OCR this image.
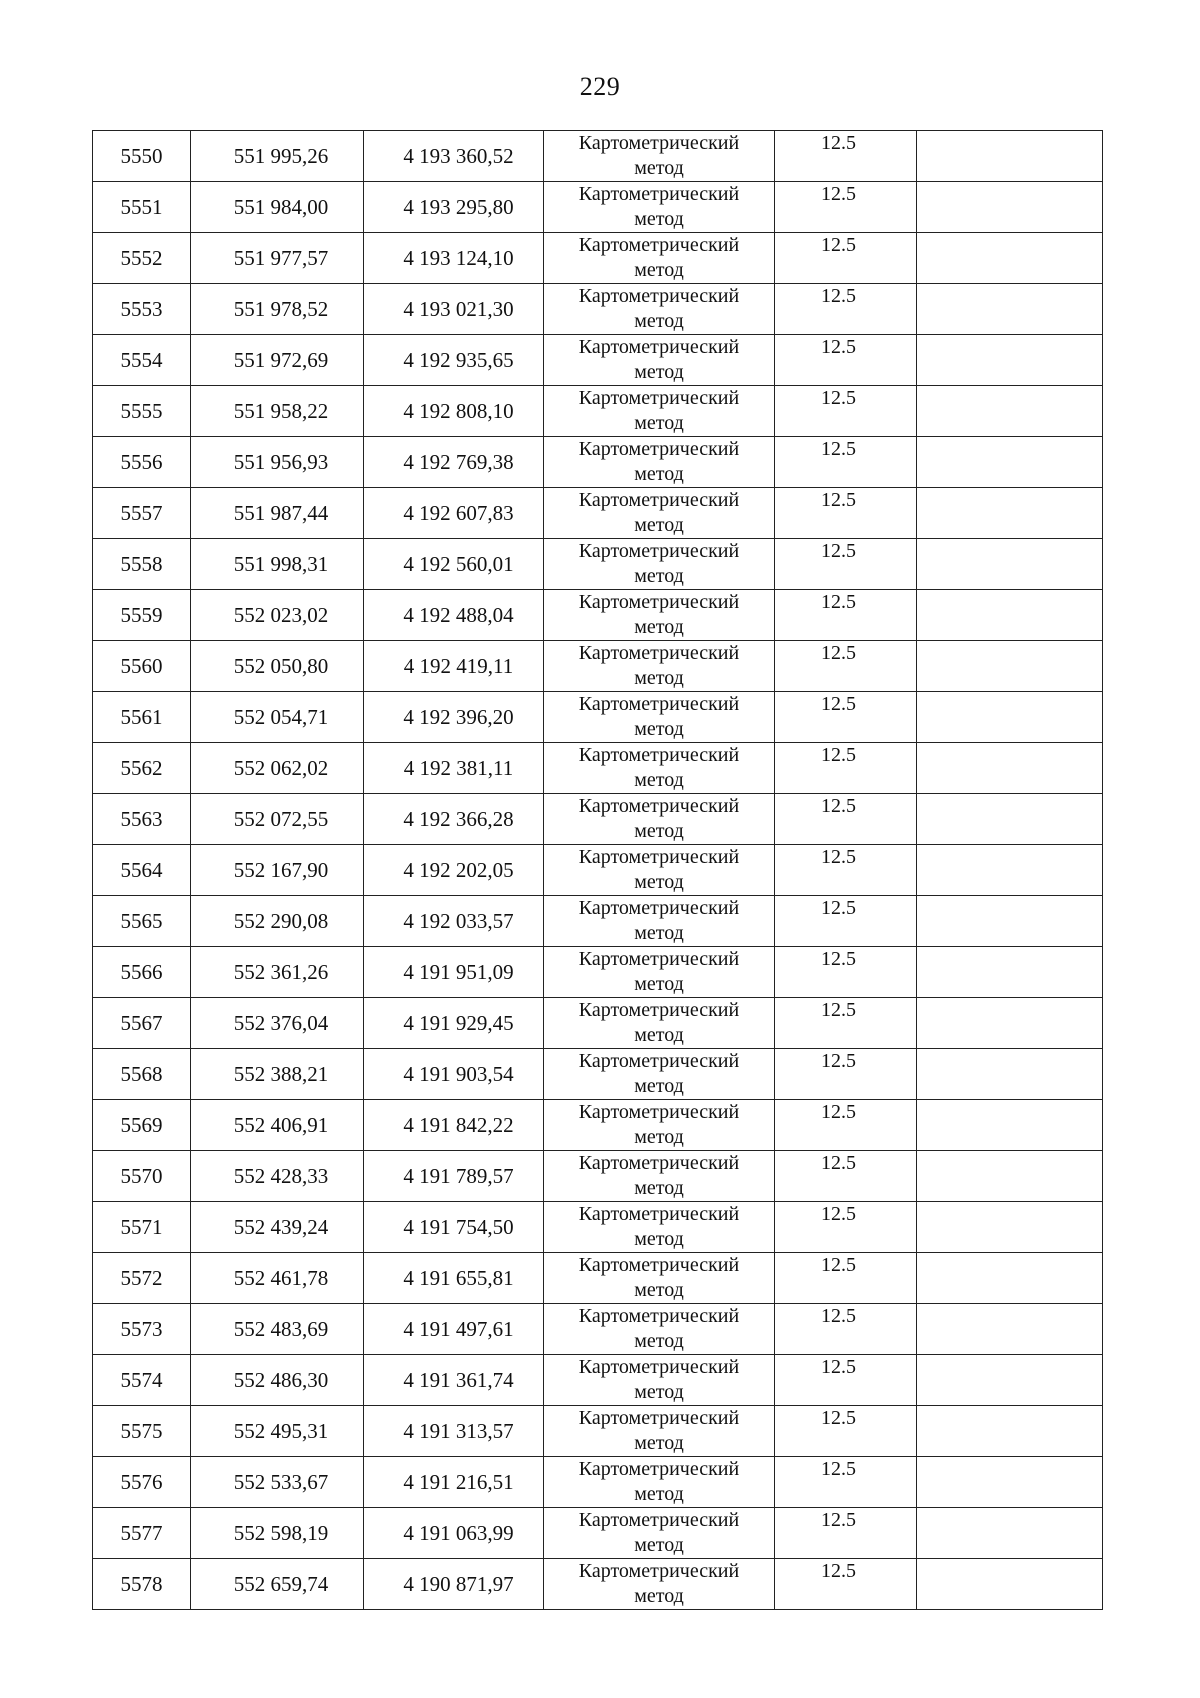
229
5550	551 995,26	4 193 360,52	Картометрический
метод	12.5	
5551	551 984,00	4 193 295,80	Картометрический
метод	12.5	
5552	551 977,57	4 193 124,10	Картометрический
метод	12.5	
5553	551 978,52	4 193 021,30	Картометрический
метод	12.5	
5554	551 972,69	4 192 935,65	Картометрический
метод	12.5	
5555	551 958,22	4 192 808,10	Картометрический
метод	12.5	
5556	551 956,93	4 192 769,38	Картометрический
метод	12.5	
5557	551 987,44	4 192 607,83	Картометрический
метод	12.5	
5558	551 998,31	4 192 560,01	Картометрический
метод	12.5	
5559	552 023,02	4 192 488,04	Картометрический
метод	12.5	
5560	552 050,80	4 192 419,11	Картометрический
метод	12.5	
5561	552 054,71	4 192 396,20	Картометрический
метод	12.5	
5562	552 062,02	4 192 381,11	Картометрический
метод	12.5	
5563	552 072,55	4 192 366,28	Картометрический
метод	12.5	
5564	552 167,90	4 192 202,05	Картометрический
метод	12.5	
5565	552 290,08	4 192 033,57	Картометрический
метод	12.5	
5566	552 361,26	4 191 951,09	Картометрический
метод	12.5	
5567	552 376,04	4 191 929,45	Картометрический
метод	12.5	
5568	552 388,21	4 191 903,54	Картометрический
метод	12.5	
5569	552 406,91	4 191 842,22	Картометрический
метод	12.5	
5570	552 428,33	4 191 789,57	Картометрический
метод	12.5	
5571	552 439,24	4 191 754,50	Картометрический
метод	12.5	
5572	552 461,78	4 191 655,81	Картометрический
метод	12.5	
5573	552 483,69	4 191 497,61	Картометрический
метод	12.5	
5574	552 486,30	4 191 361,74	Картометрический
метод	12.5	
5575	552 495,31	4 191 313,57	Картометрический
метод	12.5	
5576	552 533,67	4 191 216,51	Картометрический
метод	12.5	
5577	552 598,19	4 191 063,99	Картометрический
метод	12.5	
5578	552 659,74	4 190 871,97	Картометрический
метод	12.5	
